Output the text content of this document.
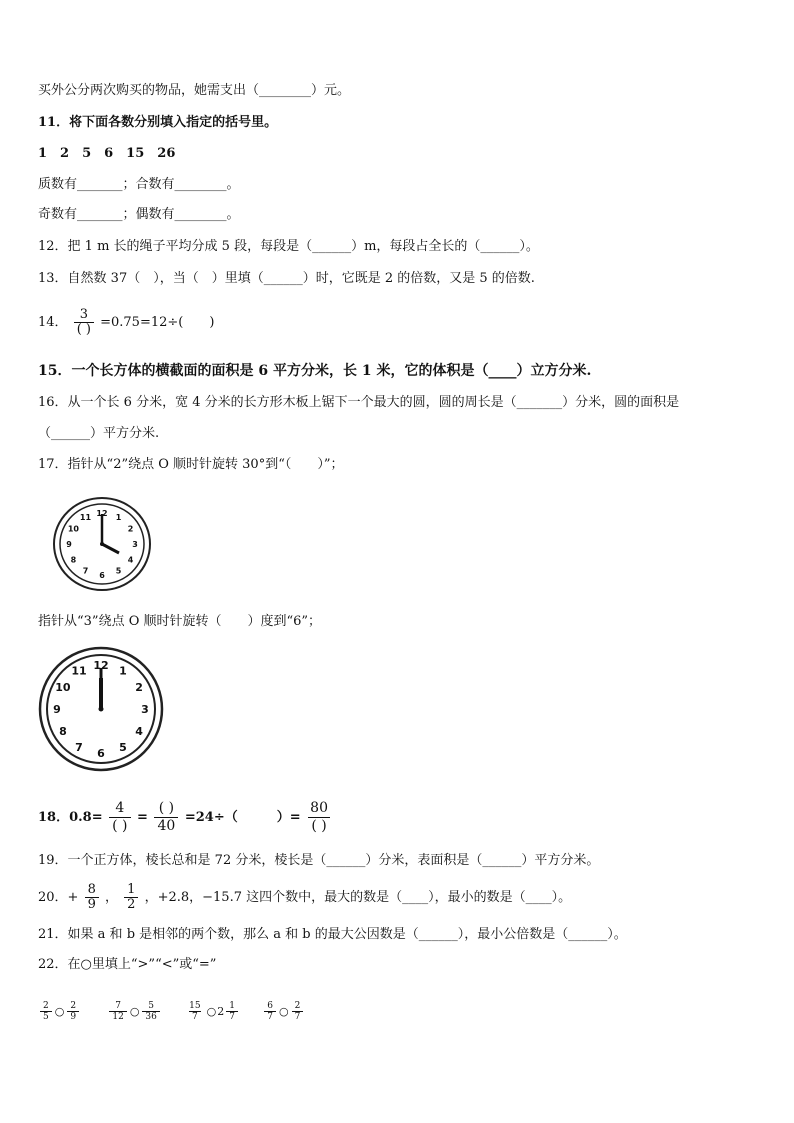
买外公分两次购买的物品，她需支出（________）元。
11．将下面各数分别填入指定的括号里。
1　2　5　6　15　26
质数有_______；合数有________。
奇数有_______；偶数有________。
12．把 1 m 长的绳子平均分成 5 段，每段是（______）m，每段占全长的（______）。
13．自然数 37（　），当（　）里填（______）时，它既是 2 的倍数，又是 5 的倍数.
14． $\frac{3}{( )} =0.75=12\div$(　　)
15．一个长方体的横截面的面积是 6 平方分米，长 1 米，它的体积是（____）立方分米.
16．从一个长 6 分米，宽 4 分米的长方形木板上锯下一个最大的圆，圆的周长是（_______）分米，圆的面积是
（______）平方分米.
17．指针从“2”绕点 O 顺时针旋转 30°到“（　　）”；
12 1
2
3
4
5
6
7
8
9
10
11
指针从“3”绕点 O 顺时针旋转（　　）度到“6”；
12 1
2
3
4
5
6
7
8
9
10
11
18．$0.8= \frac{4}{( )} = \frac{( )}{40} =24\div$（　　　）= $\frac{80}{( )}$
19．一个正方体，棱长总和是 72 分米，棱长是（______）分米，表面积是（______）平方分米。
20．+ $\frac{8}{9}$ ， $\frac{1}{2}$ ，+2.8，−15.7 这四个数中，最大的数是（____），最小的数是（____）。
21．如果 a 和 b 是相邻的两个数，那么 a 和 b 的最大公因数是（______），最小公倍数是（______）。
22．在○里填上“>”“<”或“=”
$\frac{2}{5}$ ○ $\frac{2}{9}$
	$\frac{7}{12}$ ○ $\frac{5}{36}$
	$\frac{15}{7}$ ○2 $\frac{1}{7}$
	$\frac{6}{7}$ ○ $\frac{2}{7}$
